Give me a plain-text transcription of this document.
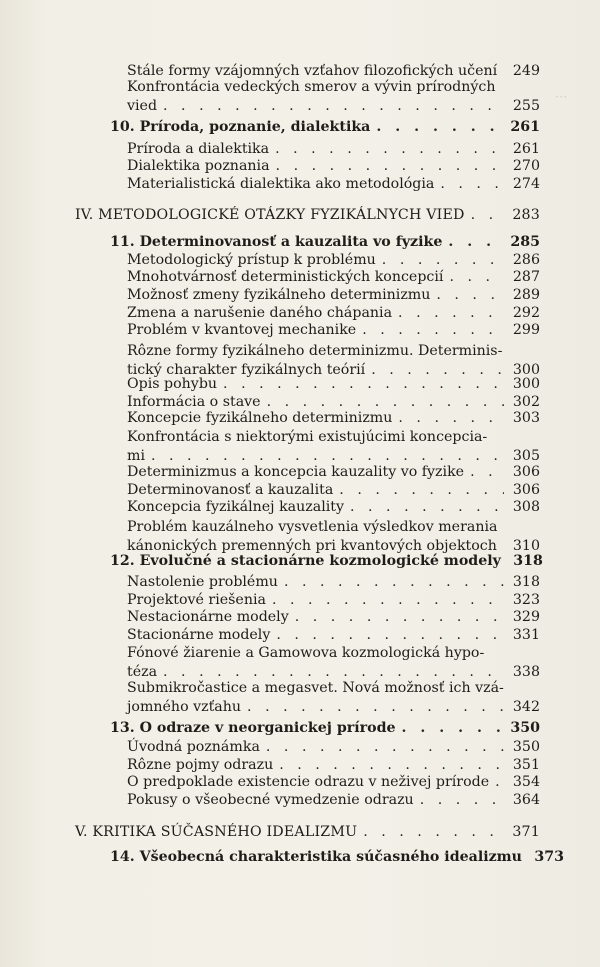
···
Stále formy vzájomných vzťahov filozofických učení . . .	249
Konfrontácia vedeckých smerov a vývin prírodných
vied . . .	255
10. Príroda, poznanie, dialektika . . .	261
Príroda a dialektika . . .	261
Dialektika poznania . . .	270
Materialistická dialektika ako metodológia . . .	274
IV. METODOLOGICKÉ OTÁZKY FYZIKÁLNYCH VIED . . .	283
11. Determinovanosť a kauzalita vo fyzike . . .	285
Metodologický prístup k problému . . .	286
Mnohotvárnosť deterministických koncepcií . . .	287
Možnosť zmeny fyzikálneho determinizmu . . .	289
Zmena a narušenie daného chápania . . .	292
Problém v kvantovej mechanike . . .	299
Rôzne formy fyzikálneho determinizmu. Determinis-
tický charakter fyzikálnych teórií . . .	300
Opis pohybu . . .	300
Informácia o stave . . .	302
Koncepcie fyzikálneho determinizmu . . .	303
Konfrontácia s niektorými existujúcimi koncepcia-
mi . . .	305
Determinizmus a koncepcia kauzality vo fyzike . . .	306
Determinovanosť a kauzalita . . .	306
Koncepcia fyzikálnej kauzality . . .	308
Problém kauzálneho vysvetlenia výsledkov merania
kánonických premenných pri kvantových objektoch	310
12. Evolučné a stacionárne kozmologické modely . . . 318
Nastolenie problému . . .	318
Projektové riešenia . . .	323
Nestacionárne modely . . .	329
Stacionárne modely . . .	331
Fónové žiarenie a Gamowova kozmologická hypo-
téza . . .	338
Submikročastice a megasvet. Nová možnosť ich vzá-
jomného vzťahu . . .	342
13. O odraze v neorganickej prírode . . .	350
Úvodná poznámka . . .	350
Rôzne pojmy odrazu . . .	351
O predpoklade existencie odrazu v neživej prírode . . .	354
Pokusy o všeobecné vymedzenie odrazu . . .	364
V. KRITIKA SÚČASNÉHO IDEALIZMU . . .	371
14. Všeobecná charakteristika súčasného idealizmu . . . 373
